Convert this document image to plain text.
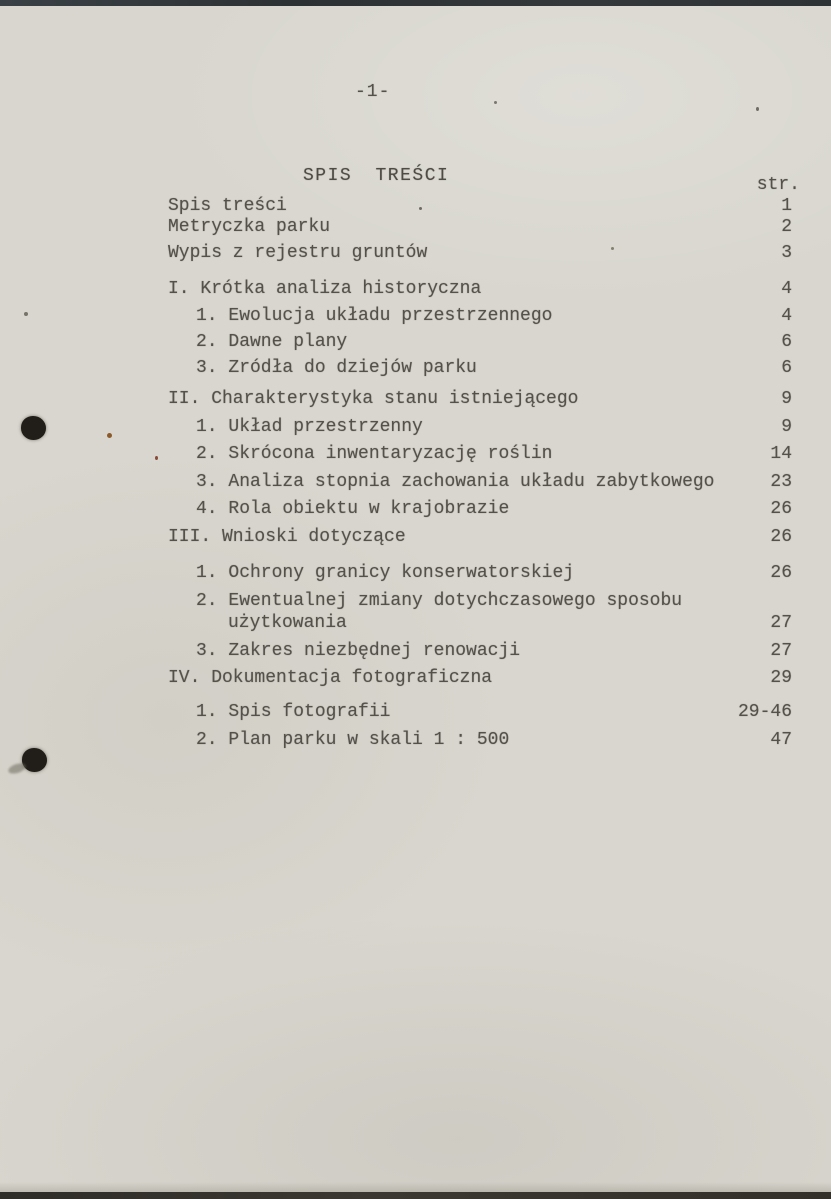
-1-
SPIS TREŚCI	str.
Spis treści	1
Metryczka parku	2
Wypis z rejestru gruntów	3
I. Krótka analiza historyczna	4
1. Ewolucja układu przestrzennego	4
2. Dawne plany	6
3. Zródła do dziejów parku	6
II. Charakterystyka stanu istniejącego	9
1. Układ przestrzenny	9
2. Skrócona inwentaryzację roślin	14
3. Analiza stopnia zachowania układu zabytkowego	23
4. Rola obiektu w krajobrazie	26
III. Wnioski dotyczące	26
1. Ochrony granicy konserwatorskiej	26
2. Ewentualnej zmiany dotychczasowego sposobu
użytkowania	27
3. Zakres niezbędnej renowacji	27
IV. Dokumentacja fotograficzna	29
1. Spis fotografii	29-46
2. Plan parku w skali 1 : 500	47
